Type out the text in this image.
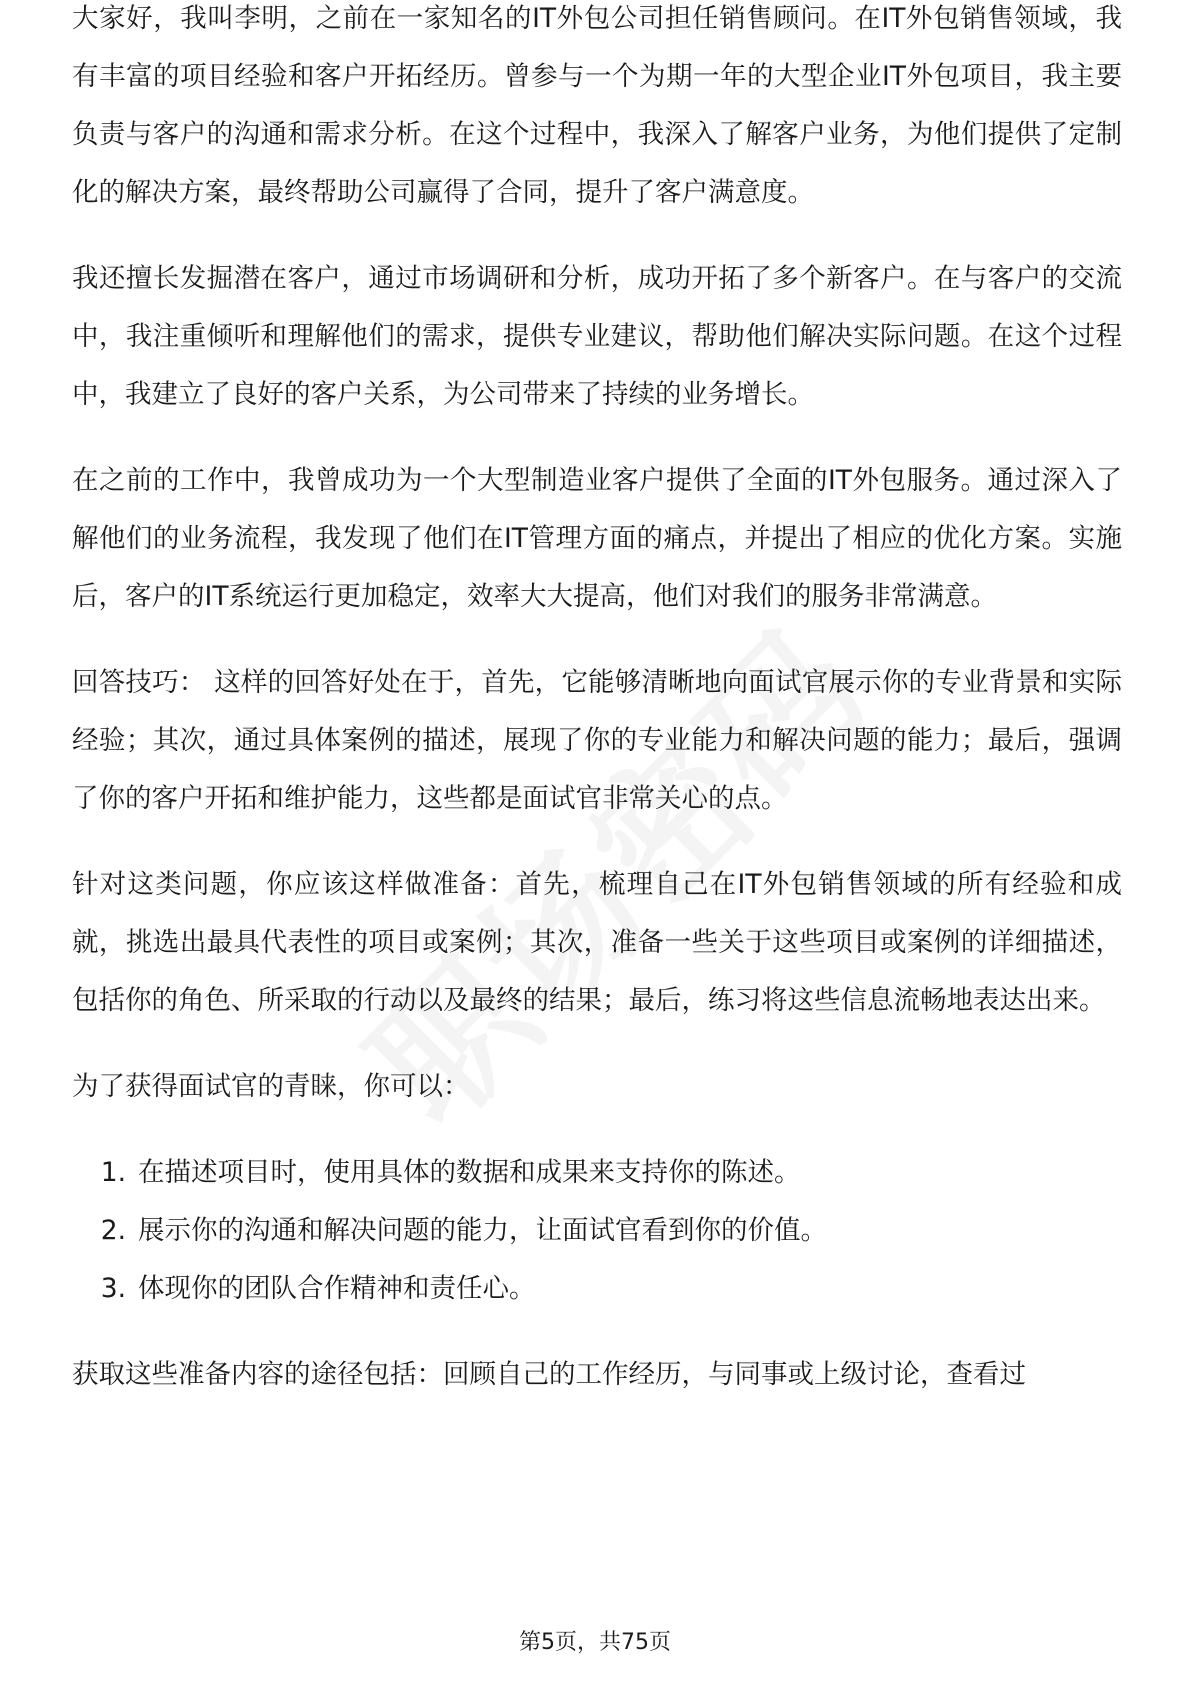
大家好，我叫李明，之前在一家知名的IT外包公司担任销售顾问。在IT外包销售领域，我有丰富的项目经验和客户开拓经历。曾参与一个为期一年的大型企业IT外包项目，我主要负责与客户的沟通和需求分析。在这个过程中，我深入了解客户业务，为他们提供了定制化的解决方案，最终帮助公司赢得了合同，提升了客户满意度。

我还擅长发掘潜在客户，通过市场调研和分析，成功开拓了多个新客户。在与客户的交流中，我注重倾听和理解他们的需求，提供专业建议，帮助他们解决实际问题。在这个过程中，我建立了良好的客户关系，为公司带来了持续的业务增长。

在之前的工作中，我曾成功为一个大型制造业客户提供了全面的IT外包服务。通过深入了解他们的业务流程，我发现了他们在IT管理方面的痛点，并提出了相应的优化方案。实施后，客户的IT系统运行更加稳定，效率大大提高，他们对我们的服务非常满意。

回答技巧： 这样的回答好处在于，首先，它能够清晰地向面试官展示你的专业背景和实际经验；其次，通过具体案例的描述，展现了你的专业能力和解决问题的能力；最后，强调了你的客户开拓和维护能力，这些都是面试官非常关心的点。

针对这类问题，你应该这样做准备：首先，梳理自己在IT外包销售领域的所有经验和成就，挑选出最具代表性的项目或案例；其次，准备一些关于这些项目或案例的详细描述，包括你的角色、所采取的行动以及最终的结果；最后，练习将这些信息流畅地表达出来。

为了获得面试官的青睐，你可以：

1. 在描述项目时，使用具体的数据和成果来支持你的陈述。
2. 展示你的沟通和解决问题的能力，让面试官看到你的价值。
3. 体现你的团队合作精神和责任心。

获取这些准备内容的途径包括：回顾自己的工作经历，与同事或上级讨论，查看过

第5页，共75页
